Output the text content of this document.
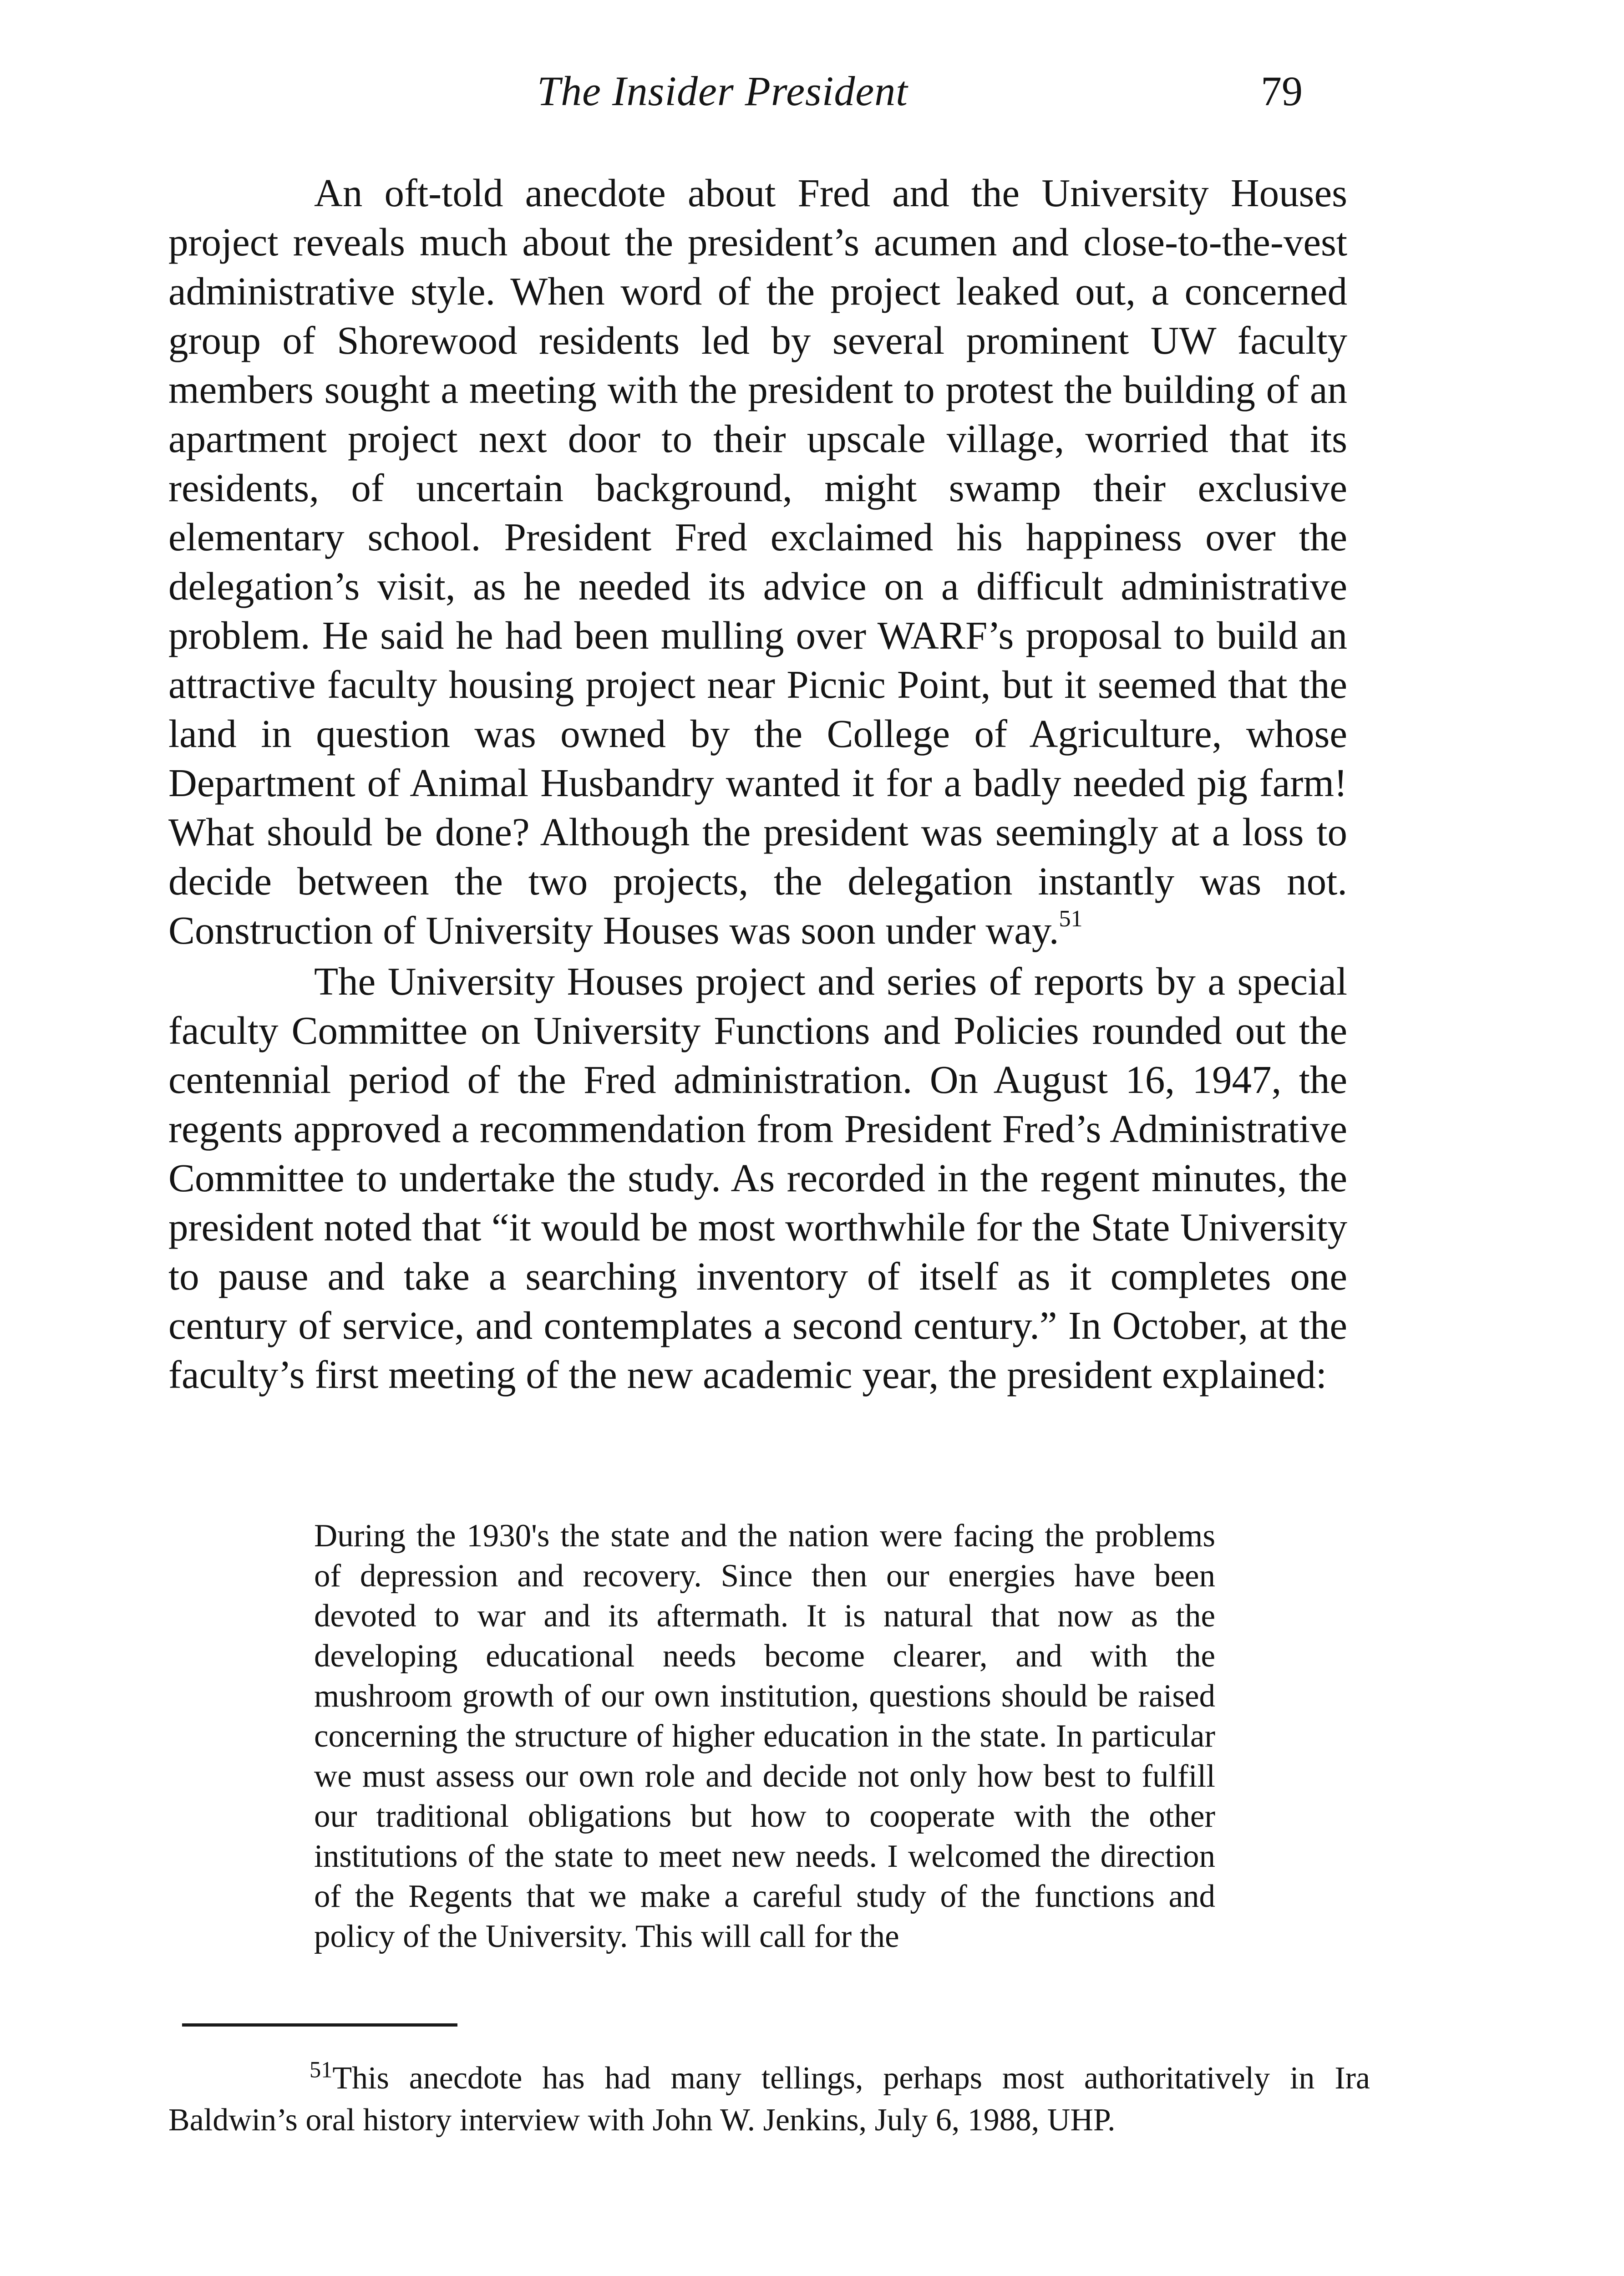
The Insider President	79

An oft-told anecdote about Fred and the University Houses project reveals much about the president’s acumen and close-to-the-vest administrative style. When word of the project leaked out, a concerned group of Shorewood residents led by several prominent UW faculty members sought a meeting with the president to protest the building of an apartment project next door to their upscale village, worried that its residents, of uncertain background, might swamp their exclusive elementary school. President Fred exclaimed his happiness over the delegation’s visit, as he needed its advice on a difficult administrative problem. He said he had been mulling over WARF’s proposal to build an attractive faculty housing project near Picnic Point, but it seemed that the land in question was owned by the College of Agriculture, whose Department of Animal Husbandry wanted it for a badly needed pig farm! What should be done? Although the president was seemingly at a loss to decide between the two projects, the delegation instantly was not. Construction of University Houses was soon under way.$^{51}$

The University Houses project and series of reports by a special faculty Committee on University Functions and Policies rounded out the centennial period of the Fred administration. On August 16, 1947, the regents approved a recommendation from President Fred’s Administrative Committee to undertake the study. As recorded in the regent minutes, the president noted that “it would be most worthwhile for the State University to pause and take a searching inventory of itself as it completes one century of service, and contemplates a second century.” In October, at the faculty’s first meeting of the new academic year, the president explained:

During the 1930's the state and the nation were facing the problems of depression and recovery. Since then our energies have been devoted to war and its aftermath. It is natural that now as the developing educational needs become clearer, and with the mushroom growth of our own institution, questions should be raised concerning the structure of higher education in the state. In particular we must assess our own role and decide not only how best to fulfill our traditional obligations but how to cooperate with the other institutions of the state to meet new needs. I welcomed the direction of the Regents that we make a careful study of the functions and policy of the University. This will call for the

$^{51}$This anecdote has had many tellings, perhaps most authoritatively in Ira Baldwin’s oral history interview with John W. Jenkins, July 6, 1988, UHP.
